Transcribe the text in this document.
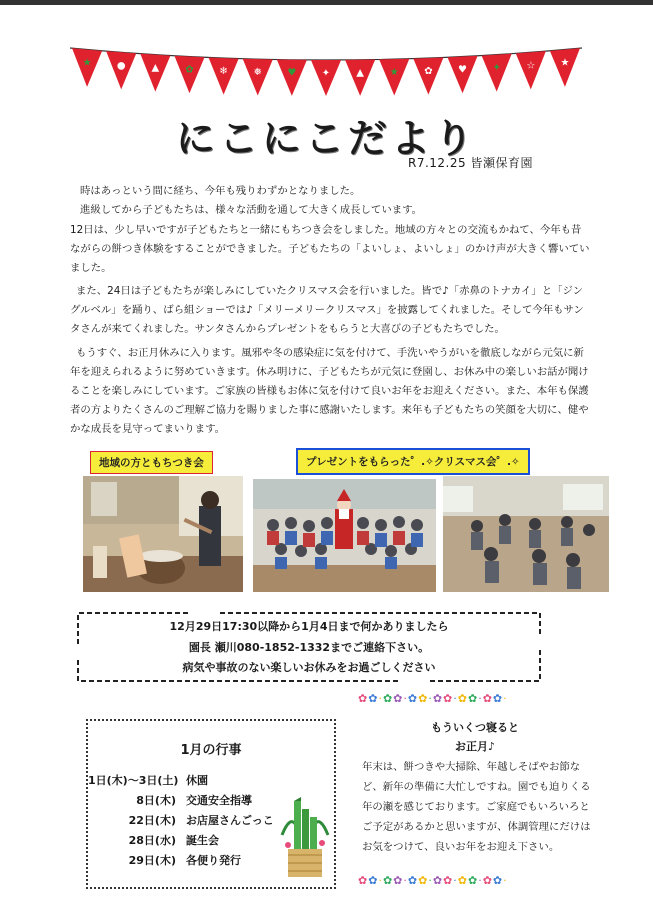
★	●	▲	✿	❄	❅	♥	✦	▲	★	✿	♥	✦	☆	★
にこにこだより
R7.12.25 皆瀬保育園
時はあっという間に経ち、今年も残りわずかとなりました。
進級してから子どもたちは、様々な活動を通して大きく成長しています。
12日は、少し早いですが子どもたちと一緒にもちつき会をしました。地域の方々との交流もかねて、今年も昔ながらの餅つき体験をすることができました。子どもたちの「よいしょ、よいしょ」のかけ声が大きく響いていました。
また、24日は子どもたちが楽しみにしていたクリスマス会を行いました。皆で♪「赤鼻のトナカイ」と「ジングルベル」を踊り、ばら組ショーでは♪「メリーメリークリスマス」を披露してくれました。そして今年もサンタさんが来てくれました。サンタさんからプレゼントをもらうと大喜びの子どもたちでした。
もうすぐ、お正月休みに入ります。風邪や冬の感染症に気を付けて、手洗いやうがいを徹底しながら元気に新年を迎えられるように努めていきます。休み明けに、子どもたちが元気に登園し、お休み中の楽しいお話が聞けることを楽しみにしています。ご家族の皆様もお体に気を付けて良いお年をお迎えください。また、本年も保護者の方よりたくさんのご理解ご協力を賜りました事に感謝いたします。来年も子どもたちの笑顔を大切に、健やかな成長を見守ってまいります。
地域の方ともちつき会	プレゼントをもらった゜.✧クリスマス会゜.✧
12月29日17:30以降から1月4日まで何かありましたら
園長 瀬川080-1852-1332までご連絡下さい。
病気や事故のない楽しいお休みをお過ごしください
✿✿·✿✿·✿✿·✿✿·✿✿·✿✿·
✿✿·✿✿·✿✿·✿✿·✿✿·✿✿·
1月の行事
1日(木)～3日(土) 休園
8日(木) 交通安全指導
22日(木) お店屋さんごっこ
28日(水) 誕生会
29日(木) 各便り発行
もういくつ寝ると
お正月♪
年末は、餅つきや大掃除、年越しそばやお節など、新年の準備に大忙しですね。園でも迫りくる年の瀬を感じております。ご家庭でもいろいろとご予定があるかと思いますが、体調管理にだけはお気をつけて、良いお年をお迎え下さい。
